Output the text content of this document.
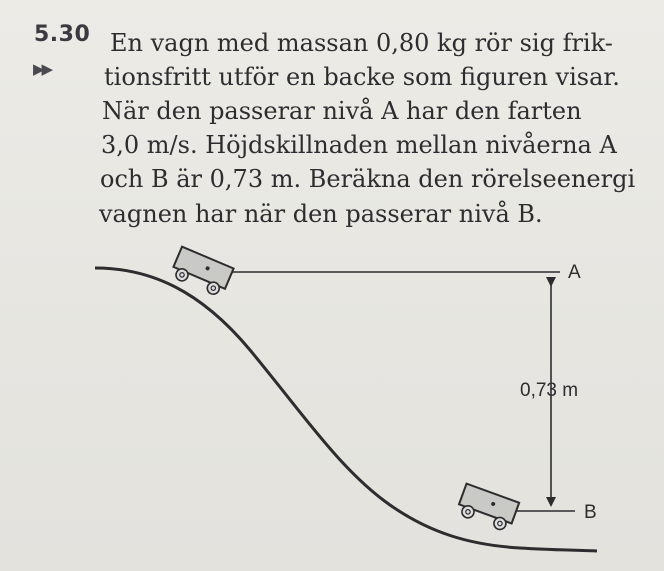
5.30
▶▶
En vagn med massan 0,80 kg rör sig frik-
tionsfritt utför en backe som figuren visar.
När den passerar nivå A har den farten
3,0 m/s. Höjdskillnaden mellan nivåerna A
och B är 0,73 m. Beräkna den rörelseenergi
vagnen har när den passerar nivå B.
A
B
0,73 m
